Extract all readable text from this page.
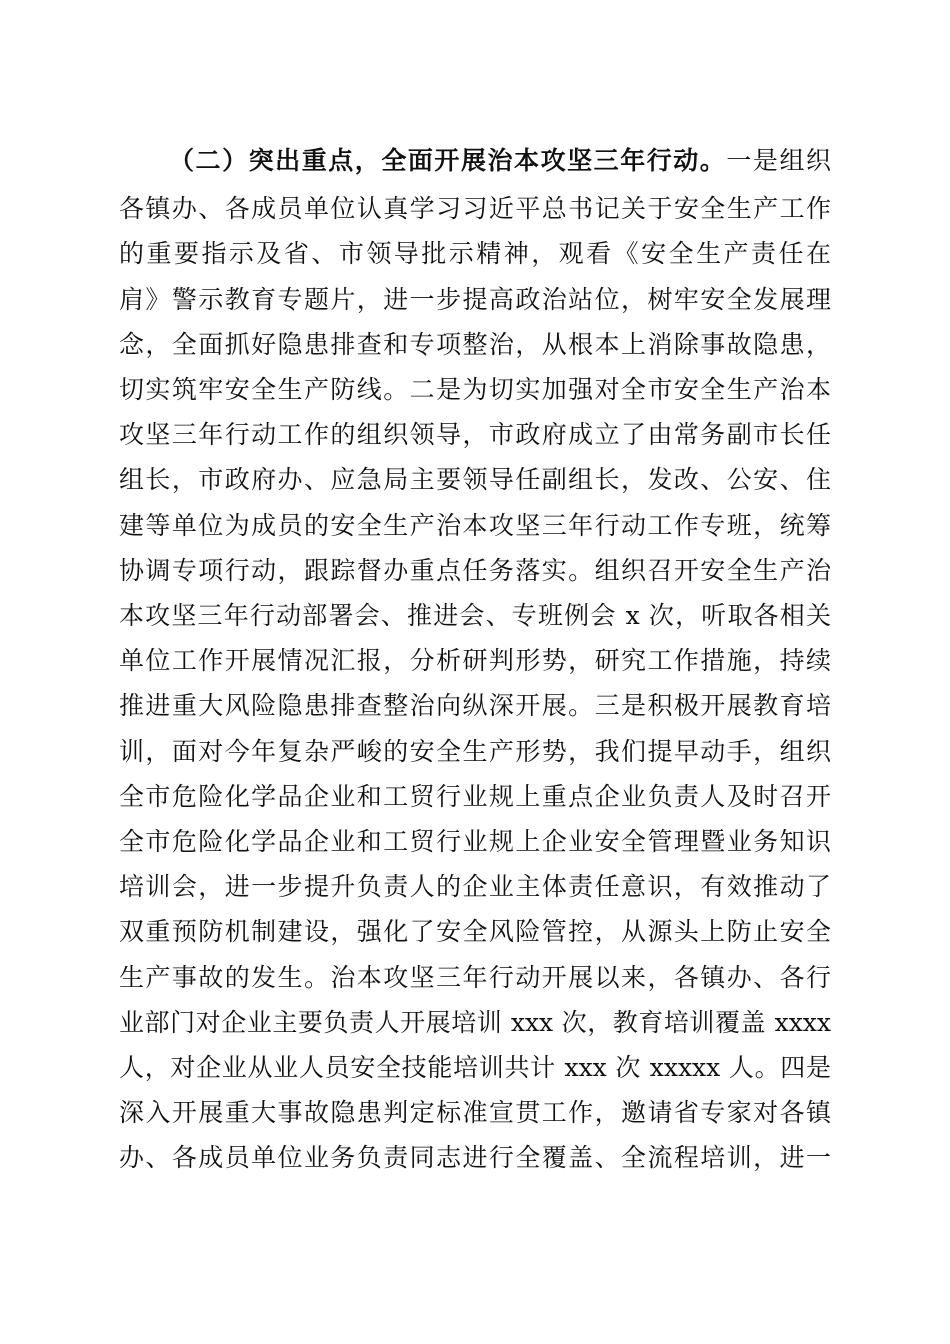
（二）突出重点，全面开展治本攻坚三年行动。一是组织
各镇办、各成员单位认真学习习近平总书记关于安全生产工作
的重要指示及省、市领导批示精神，观看《安全生产责任在
肩》警示教育专题片，进一步提高政治站位，树牢安全发展理
念，全面抓好隐患排查和专项整治，从根本上消除事故隐患，
切实筑牢安全生产防线。二是为切实加强对全市安全生产治本
攻坚三年行动工作的组织领导，市政府成立了由常务副市长任
组长，市政府办、应急局主要领导任副组长，发改、公安、住
建等单位为成员的安全生产治本攻坚三年行动工作专班，统筹
协调专项行动，跟踪督办重点任务落实。组织召开安全生产治
本攻坚三年行动部署会、推进会、专班例会 x 次，听取各相关
单位工作开展情况汇报，分析研判形势，研究工作措施，持续
推进重大风险隐患排查整治向纵深开展。三是积极开展教育培
训，面对今年复杂严峻的安全生产形势，我们提早动手，组织
全市危险化学品企业和工贸行业规上重点企业负责人及时召开
全市危险化学品企业和工贸行业规上企业安全管理暨业务知识
培训会，进一步提升负责人的企业主体责任意识，有效推动了
双重预防机制建设，强化了安全风险管控，从源头上防止安全
生产事故的发生。治本攻坚三年行动开展以来，各镇办、各行
业部门对企业主要负责人开展培训 xxx 次，教育培训覆盖 xxxx
人，对企业从业人员安全技能培训共计 xxx 次 xxxxx 人。四是
深入开展重大事故隐患判定标准宣贯工作，邀请省专家对各镇
办、各成员单位业务负责同志进行全覆盖、全流程培训，进一
